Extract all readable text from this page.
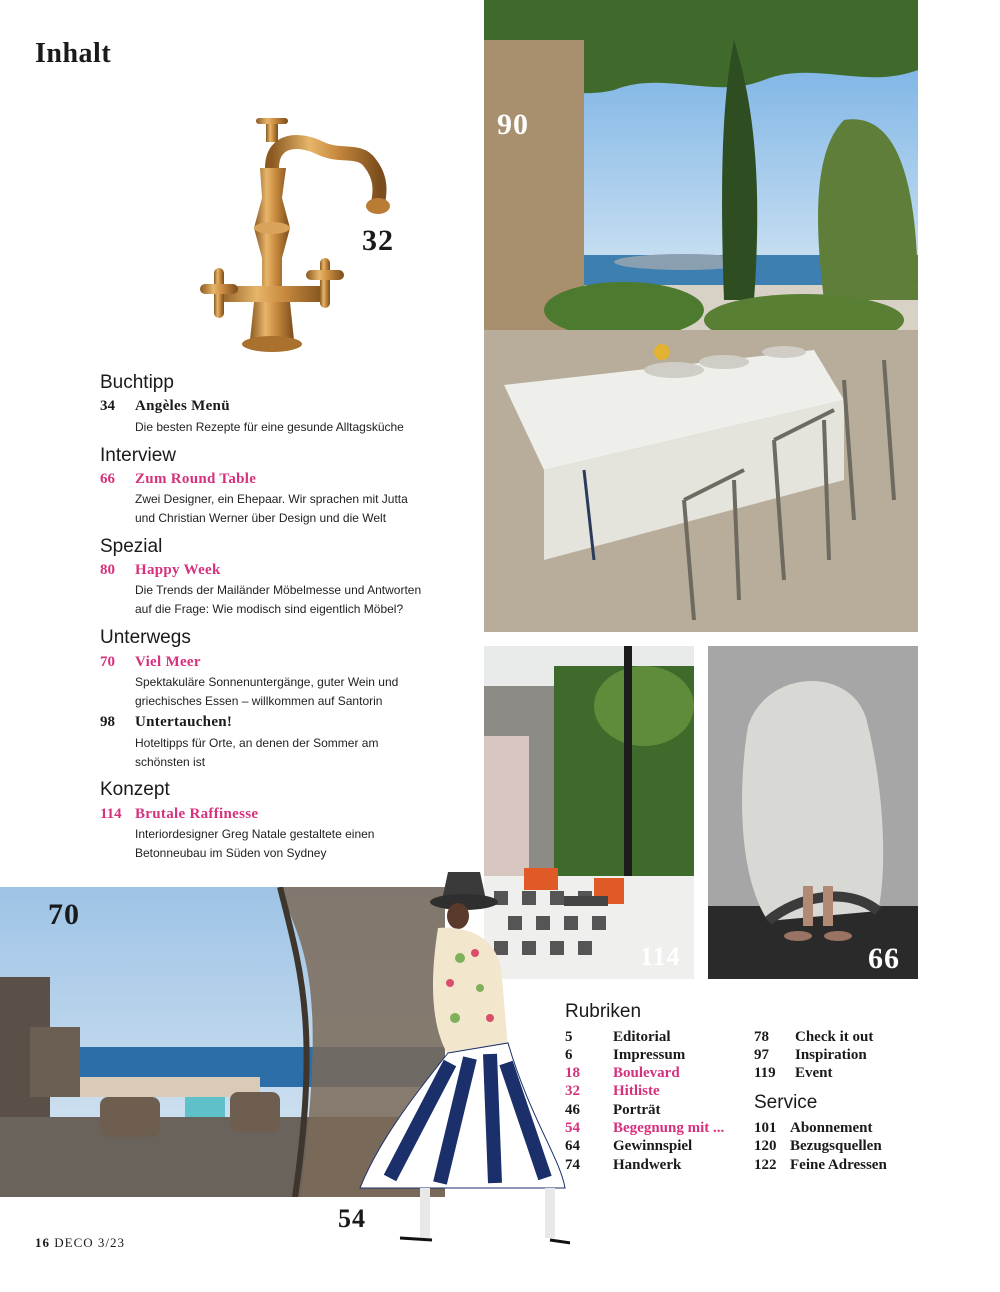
Inhalt
32
90
114	66
70
54
Buchtipp
34 Angèles Menü
Die besten Rezepte für eine gesunde Alltagsküche
Interview
66 Zum Round Table
Zwei Designer, ein Ehepaar. Wir sprachen mit Jutta
und Christian Werner über Design und die Welt
Spezial
80 Happy Week
Die Trends der Mailänder Möbelmesse und Antworten
auf die Frage: Wie modisch sind eigentlich Möbel?
Unterwegs
70 Viel Meer
Spektakuläre Sonnenuntergänge, guter Wein und
griechisches Essen – willkommen auf Santorin
98 Untertauchen!
Hoteltipps für Orte, an denen der Sommer am
schönsten ist
Konzept
114 Brutale Raffinesse
Interiordesigner Greg Natale gestaltete einen
Betonneubau im Süden von Sydney
Rubriken
5	Editorial
6	Impressum
18 Boulevard
32 Hitliste
46 Porträt
54 Begegnung mit ...
64 Gewinnspiel
74 Handwerk
78 Check it out
97 Inspiration
119 Event
Service
101 Abonnement
120 Bezugsquellen
122 Feine Adressen
16 DECO 3/23
